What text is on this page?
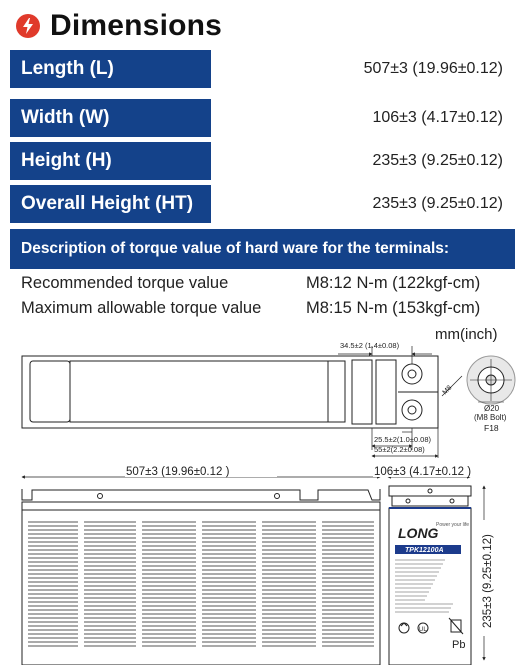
Dimensions
Length (L)	507±3 (19.96±0.12)
Width (W)	106±3 (4.17±0.12)
Height (H)	235±3 (9.25±0.12)
Overall Height (HT)	235±3 (9.25±0.12)
Description of torque value of hard ware for the terminals:
Recommended torque value	M8:12 N-m (122kgf-cm)
Maximum allowable torque value	M8:15 N-m (153kgf-cm)
mm(inch)
34.5±2 (1.4±0.08)
25.5±2(1.0±0.08)
55±2(2.2±0.08)
M8
Ø20
(M8 Bolt)
F18
507±3 (19.96±0.12 )	106±3 (4.17±0.12 )
LONG
Power your life
TPK12100A
UL
Pb
235±3 (9.25±0.12)
